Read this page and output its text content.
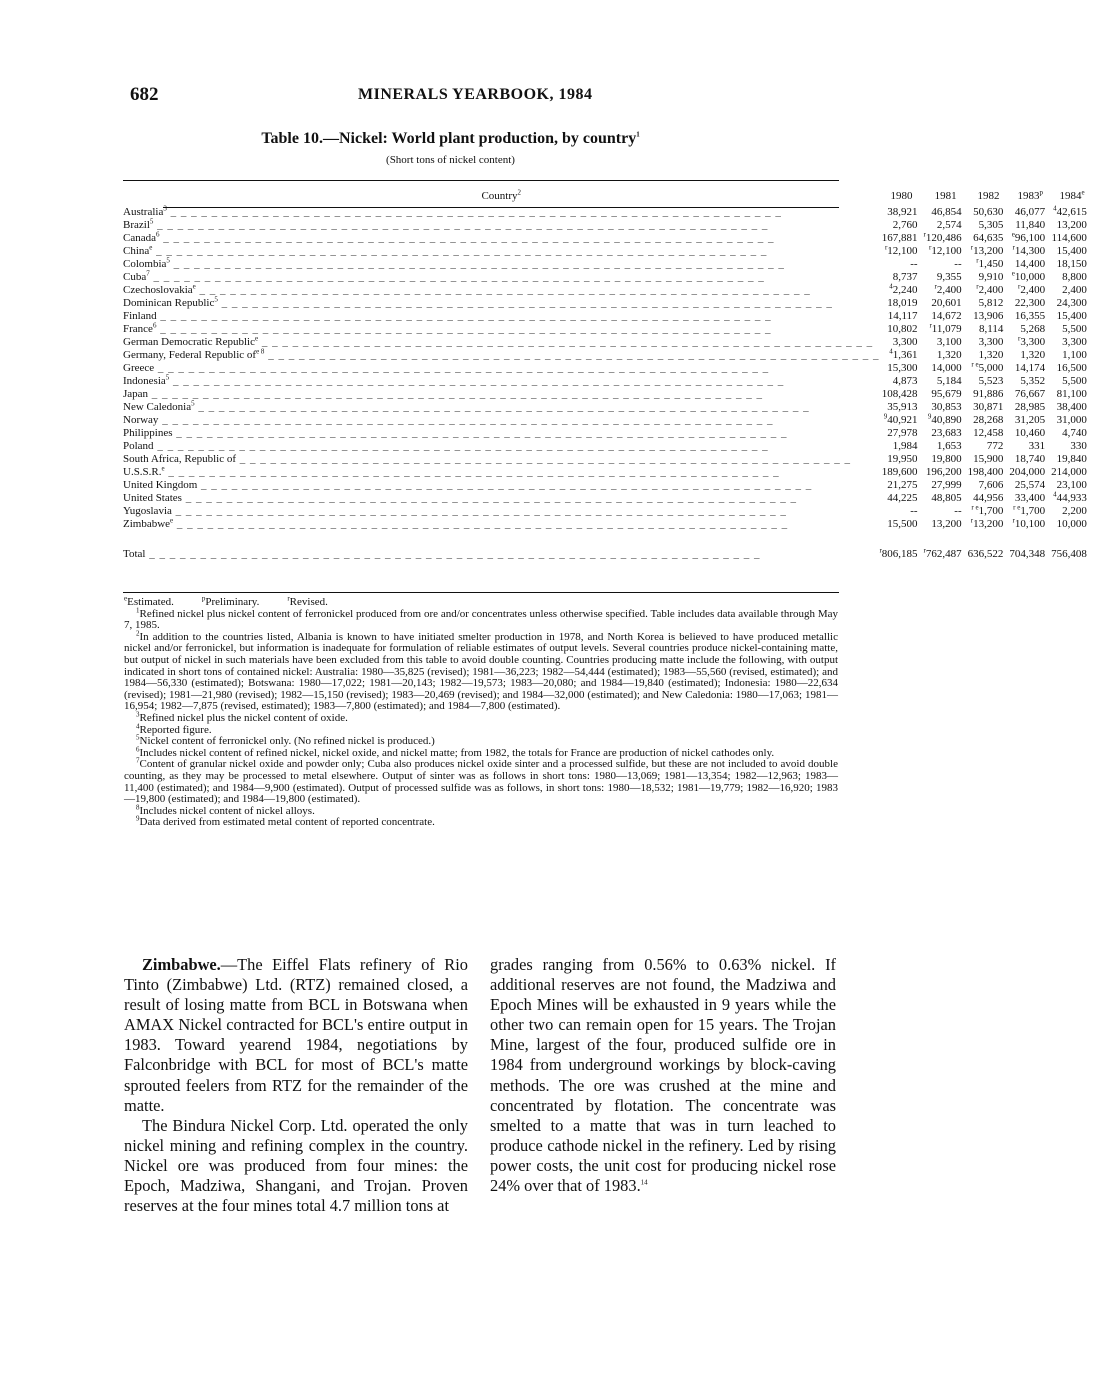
682	MINERALS YEARBOOK, 1984
Table 10.—Nickel: World plant production, by country$^1$
(Short tons of nickel content)
Country$^2$	1980	1981	1982	1983$^p$	1984e
Australia$^3$ _ _ _ _ _ _ _ _ _ _ _ _ _ _ _ _ _ _ _ _ _ _ _ _ _ _ _ _ _ _ _ _ _ _ _ _ _ _ _ _ _ _ _ _ _ _ _ _ _ _ _ _ _ _ _ _ _ _ _ _	38,921	46,854	50,630	46,077	$^4$42,615
Brazil$^5$ _ _ _ _ _ _ _ _ _ _ _ _ _ _ _ _ _ _ _ _ _ _ _ _ _ _ _ _ _ _ _ _ _ _ _ _ _ _ _ _ _ _ _ _ _ _ _ _ _ _ _ _ _ _ _ _ _ _ _ _	2,760	2,574	5,305	11,840	13,200
Canada$^6$ _ _ _ _ _ _ _ _ _ _ _ _ _ _ _ _ _ _ _ _ _ _ _ _ _ _ _ _ _ _ _ _ _ _ _ _ _ _ _ _ _ _ _ _ _ _ _ _ _ _ _ _ _ _ _ _ _ _ _ _	167,881	$^r$120,486	64,635	$^e$96,100	114,600
China$^e$ _ _ _ _ _ _ _ _ _ _ _ _ _ _ _ _ _ _ _ _ _ _ _ _ _ _ _ _ _ _ _ _ _ _ _ _ _ _ _ _ _ _ _ _ _ _ _ _ _ _ _ _ _ _ _ _ _ _ _ _	$^r$12,100	$^r$12,100	$^r$13,200	$^r$14,300	15,400
Colombia$^5$ _ _ _ _ _ _ _ _ _ _ _ _ _ _ _ _ _ _ _ _ _ _ _ _ _ _ _ _ _ _ _ _ _ _ _ _ _ _ _ _ _ _ _ _ _ _ _ _ _ _ _ _ _ _ _ _ _ _ _ _	--	--	$^r$1,450	14,400	18,150
Cuba$^7$ _ _ _ _ _ _ _ _ _ _ _ _ _ _ _ _ _ _ _ _ _ _ _ _ _ _ _ _ _ _ _ _ _ _ _ _ _ _ _ _ _ _ _ _ _ _ _ _ _ _ _ _ _ _ _ _ _ _ _ _	8,737	9,355	9,910	$^e$10,000	8,800
Czechoslovakia$^e$ _ _ _ _ _ _ _ _ _ _ _ _ _ _ _ _ _ _ _ _ _ _ _ _ _ _ _ _ _ _ _ _ _ _ _ _ _ _ _ _ _ _ _ _ _ _ _ _ _ _ _ _ _ _ _ _ _ _ _ _	$^4$2,240	$^r$2,400	$^r$2,400	$^r$2,400	2,400
Dominican Republic$^5$ _ _ _ _ _ _ _ _ _ _ _ _ _ _ _ _ _ _ _ _ _ _ _ _ _ _ _ _ _ _ _ _ _ _ _ _ _ _ _ _ _ _ _ _ _ _ _ _ _ _ _ _ _ _ _ _ _ _ _ _	18,019	20,601	5,812	22,300	24,300
Finland _ _ _ _ _ _ _ _ _ _ _ _ _ _ _ _ _ _ _ _ _ _ _ _ _ _ _ _ _ _ _ _ _ _ _ _ _ _ _ _ _ _ _ _ _ _ _ _ _ _ _ _ _ _ _ _ _ _ _ _	14,117	14,672	13,906	16,355	15,400
France$^6$ _ _ _ _ _ _ _ _ _ _ _ _ _ _ _ _ _ _ _ _ _ _ _ _ _ _ _ _ _ _ _ _ _ _ _ _ _ _ _ _ _ _ _ _ _ _ _ _ _ _ _ _ _ _ _ _ _ _ _ _	10,802	$^r$11,079	8,114	5,268	5,500
German Democratic Republic$^e$ _ _ _ _ _ _ _ _ _ _ _ _ _ _ _ _ _ _ _ _ _ _ _ _ _ _ _ _ _ _ _ _ _ _ _ _ _ _ _ _ _ _ _ _ _ _ _ _ _ _ _ _ _ _ _ _ _ _ _ _	3,300	3,100	3,300	$^r$3,300	3,300
Germany, Federal Republic $of^{e 8}$ _ _ _ _ _ _ _ _ _ _ _ _ _ _ _ _ _ _ _ _ _ _ _ _ _ _ _ _ _ _ _ _ _ _ _ _ _ _ _ _ _ _ _ _ _ _ _ _ _ _ _ _ _ _ _ _ _ _ _ _	$^4$1,361	1,320	1,320	1,320	1,100
Greece _ _ _ _ _ _ _ _ _ _ _ _ _ _ _ _ _ _ _ _ _ _ _ _ _ _ _ _ _ _ _ _ _ _ _ _ _ _ _ _ _ _ _ _ _ _ _ _ _ _ _ _ _ _ _ _ _ _ _ _	15,300	14,000	$^{r e}$5,000	14,174	16,500
Indonesia$^5$ _ _ _ _ _ _ _ _ _ _ _ _ _ _ _ _ _ _ _ _ _ _ _ _ _ _ _ _ _ _ _ _ _ _ _ _ _ _ _ _ _ _ _ _ _ _ _ _ _ _ _ _ _ _ _ _ _ _ _ _	4,873	5,184	5,523	5,352	5,500
Japan _ _ _ _ _ _ _ _ _ _ _ _ _ _ _ _ _ _ _ _ _ _ _ _ _ _ _ _ _ _ _ _ _ _ _ _ _ _ _ _ _ _ _ _ _ _ _ _ _ _ _ _ _ _ _ _ _ _ _ _	108,428	95,679	91,886	76,667	81,100
New Caledonia$^5$ _ _ _ _ _ _ _ _ _ _ _ _ _ _ _ _ _ _ _ _ _ _ _ _ _ _ _ _ _ _ _ _ _ _ _ _ _ _ _ _ _ _ _ _ _ _ _ _ _ _ _ _ _ _ _ _ _ _ _ _	35,913	30,853	30,871	28,985	38,400
Norway _ _ _ _ _ _ _ _ _ _ _ _ _ _ _ _ _ _ _ _ _ _ _ _ _ _ _ _ _ _ _ _ _ _ _ _ _ _ _ _ _ _ _ _ _ _ _ _ _ _ _ _ _ _ _ _ _ _ _ _	$^9$40,921	$^9$40,890	28,268	31,205	31,000
Philippines _ _ _ _ _ _ _ _ _ _ _ _ _ _ _ _ _ _ _ _ _ _ _ _ _ _ _ _ _ _ _ _ _ _ _ _ _ _ _ _ _ _ _ _ _ _ _ _ _ _ _ _ _ _ _ _ _ _ _ _	27,978	23,683	12,458	10,460	4,740
Poland _ _ _ _ _ _ _ _ _ _ _ _ _ _ _ _ _ _ _ _ _ _ _ _ _ _ _ _ _ _ _ _ _ _ _ _ _ _ _ _ _ _ _ _ _ _ _ _ _ _ _ _ _ _ _ _ _ _ _ _	1,984	1,653	772	331	330
South Africa, Republic of _ _ _ _ _ _ _ _ _ _ _ _ _ _ _ _ _ _ _ _ _ _ _ _ _ _ _ _ _ _ _ _ _ _ _ _ _ _ _ _ _ _ _ _ _ _ _ _ _ _ _ _ _ _ _ _ _ _ _ _	19,950	19,800	15,900	18,740	19,840
U.S.S.R.$^e$ _ _ _ _ _ _ _ _ _ _ _ _ _ _ _ _ _ _ _ _ _ _ _ _ _ _ _ _ _ _ _ _ _ _ _ _ _ _ _ _ _ _ _ _ _ _ _ _ _ _ _ _ _ _ _ _ _ _ _ _	189,600	196,200	198,400	204,000	214,000
United Kingdom _ _ _ _ _ _ _ _ _ _ _ _ _ _ _ _ _ _ _ _ _ _ _ _ _ _ _ _ _ _ _ _ _ _ _ _ _ _ _ _ _ _ _ _ _ _ _ _ _ _ _ _ _ _ _ _ _ _ _ _	21,275	27,999	7,606	25,574	23,100
United States _ _ _ _ _ _ _ _ _ _ _ _ _ _ _ _ _ _ _ _ _ _ _ _ _ _ _ _ _ _ _ _ _ _ _ _ _ _ _ _ _ _ _ _ _ _ _ _ _ _ _ _ _ _ _ _ _ _ _ _	44,225	48,805	44,956	33,400	$^4$44,933
Yugoslavia _ _ _ _ _ _ _ _ _ _ _ _ _ _ _ _ _ _ _ _ _ _ _ _ _ _ _ _ _ _ _ _ _ _ _ _ _ _ _ _ _ _ _ _ _ _ _ _ _ _ _ _ _ _ _ _ _ _ _ _	--	--	$^{r e}$1,700	$^{r e}$1,700	2,200
Zimbabwe$^e$ _ _ _ _ _ _ _ _ _ _ _ _ _ _ _ _ _ _ _ _ _ _ _ _ _ _ _ _ _ _ _ _ _ _ _ _ _ _ _ _ _ _ _ _ _ _ _ _ _ _ _ _ _ _ _ _ _ _ _ _	15,500	13,200	$^r$13,200	$^r$10,100	10,000
Total _ _ _ _ _ _ _ _ _ _ _ _ _ _ _ _ _ _ _ _ _ _ _ _ _ _ _ _ _ _ _ _ _ _ _ _ _ _ _ _ _ _ _ _ _ _ _ _ _ _ _ _ _ _ _ _ _ _ _ _	$^r$806,185	$^r$762,487	636,522	704,348	756,408

$^e$Estimated.	$^p$Preliminary.	$^r$Revised.

$^1$Refined nickel plus nickel content of ferronickel produced from ore and/or concentrates unless otherwise specified. Table includes data available through May 7, 1985.

$^2$In addition to the countries listed, Albania is known to have initiated smelter production in 1978, and North Korea is believed to have produced metallic nickel and/or ferronickel, but information is inadequate for formulation of reliable estimates of output levels. Several countries produce nickel-containing matte, but output of nickel in such materials have been excluded from this table to avoid double counting. Countries producing matte include the following, with output indicated in short tons of contained nickel: Australia: 1980—35,825 (revised); 1981—36,223; 1982—54,444 (estimated); 1983—55,560 (revised, estimated); and 1984—56,330 (estimated); Botswana: 1980—17,022; 1981—20,143; 1982—19,573; 1983—20,080; and 1984—19,840 (estimated); Indonesia: 1980—22,634 (revised); 1981—21,980 (revised); 1982—15,150 (revised); 1983—20,469 (revised); and 1984—32,000 (estimated); and New Caledonia: 1980—17,063; 1981—16,954; 1982—7,875 (revised, estimated); 1983—7,800 (estimated); and 1984—7,800 (estimated).

$^3$Refined nickel plus the nickel content of oxide.

$^4$Reported figure.

$^5$Nickel content of ferronickel only. (No refined nickel is produced.)

$^6$Includes nickel content of refined nickel, nickel oxide, and nickel matte; from 1982, the totals for France are production of nickel cathodes only.

$^7$Content of granular nickel oxide and powder only; Cuba also produces nickel oxide sinter and a processed sulfide, but these are not included to avoid double counting, as they may be processed to metal elsewhere. Output of sinter was as follows in short tons: 1980—13,069; 1981—13,354; 1982—12,963; 1983—11,400 (estimated); and 1984—9,900 (estimated). Output of processed sulfide was as follows, in short tons: 1980—18,532; 1981—19,779; 1982—16,920; 1983—19,800 (estimated); and 1984—19,800 (estimated).

$^8$Includes nickel content of nickel alloys.

$^9$Data derived from estimated metal content of reported concentrate.

Zimbabwe.—The Eiffel Flats refinery of Rio Tinto (Zimbabwe) Ltd. (RTZ) remained closed, a result of losing matte from BCL in Botswana when AMAX Nickel contracted for BCL's entire output in 1983. Toward yearend 1984, negotiations by Falconbridge with BCL for most of BCL's matte sprouted feelers from RTZ for the remainder of the matte.

The Bindura Nickel Corp. Ltd. operated the only nickel mining and refining complex in the country. Nickel ore was produced from four mines: the Epoch, Madziwa, Shangani, and Trojan. Proven reserves at the four mines total 4.7 million tons at

grades ranging from 0.56% to 0.63% nickel. If additional reserves are not found, the Madziwa and Epoch Mines will be exhausted in 9 years while the other two can remain open for 15 years. The Trojan Mine, largest of the four, produced sulfide ore in 1984 from underground workings by block-caving methods. The ore was crushed at the mine and concentrated by flotation. The concentrate was smelted to a matte that was in turn leached to produce cathode nickel in the refinery. Led by rising power costs, the unit cost for producing nickel rose 24% over that of 1983.14
